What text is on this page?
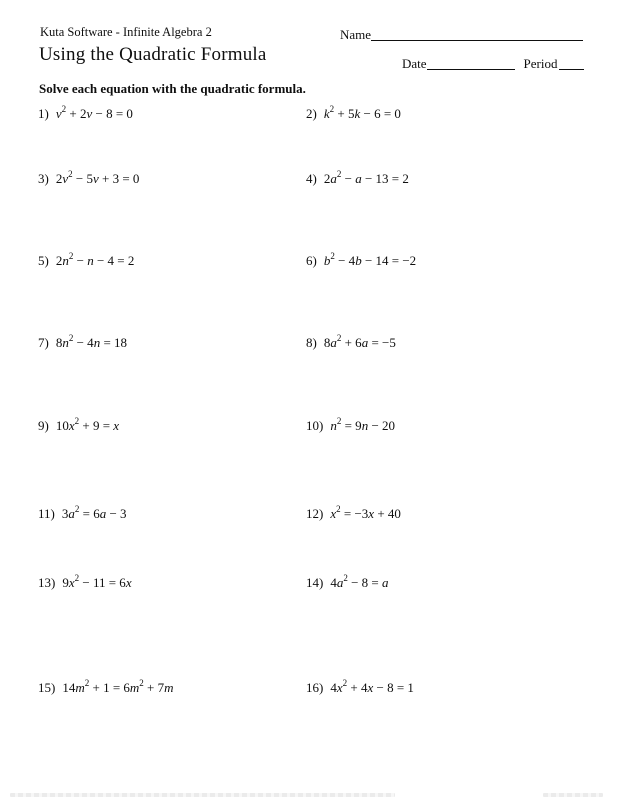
Kuta Software - Infinite Algebra 2	Name
Using the Quadratic Formula	Date	Period
Solve each equation with the quadratic formula.
1) $v^2 + 2v - 8 = 0$	2) $k^2 + 5k - 6 = 0$
3) $2v^2 - 5v + 3 = 0$	4) $2a^2 - a - 13 = 2$
5) $2n^2 - n - 4 = 2$	6) $b^2 - 4b - 14 = -2$
7) $8n^2 - 4n = 18$	8) $8a^2 + 6a = -5$
9) $10x^2 + 9 = x$	10) $n^2 = 9n - 20$
11) $3a^2 = 6a - 3$	12) $x^2 = -3x + 40$
13) $9x^2 - 11 = 6x$	14) $4a^2 - 8 = a$
15) $14m^2 + 1 = 6m^2 + 7m$	16) $4x^2 + 4x - 8 = 1$
